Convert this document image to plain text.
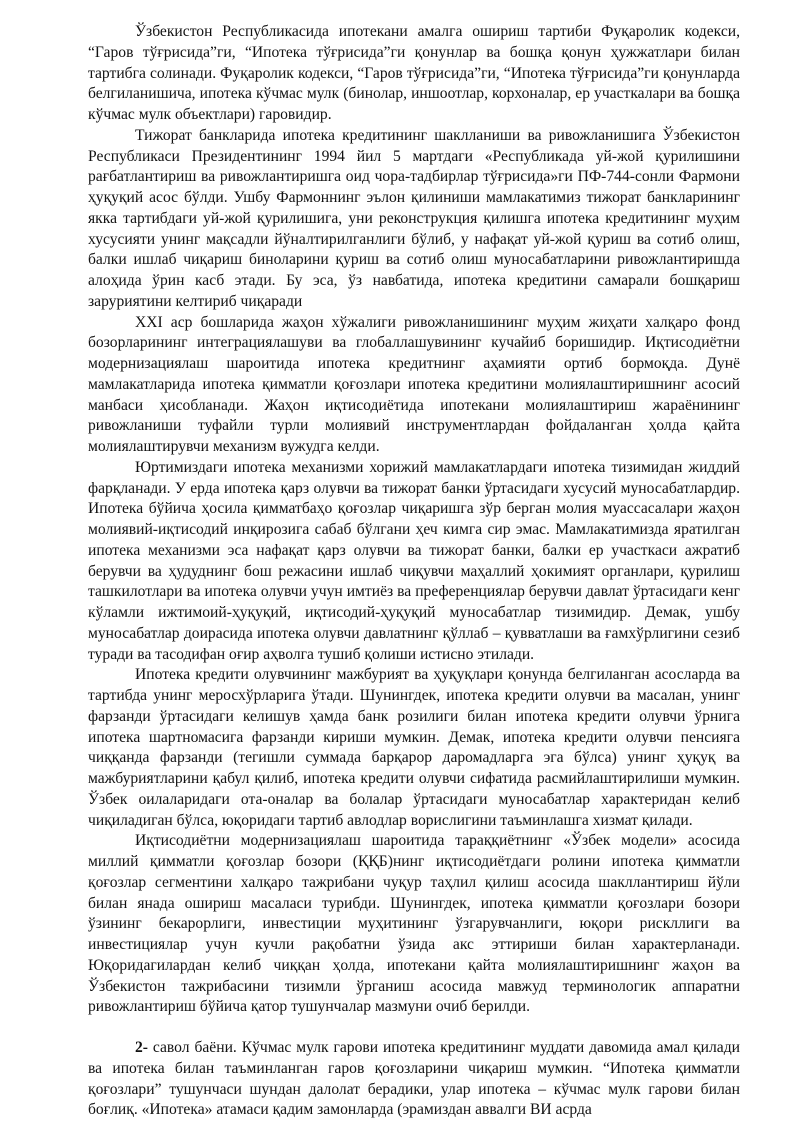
Ўзбекистон Республикасида ипотекани амалга ошириш тартиби Фуқаролик кодекси, “Гаров тўғрисида”ги, “Ипотека тўғрисида”ги қонунлар ва бошқа қонун ҳужжатлари билан тартибга солинади. Фуқаролик кодекси, “Гаров тўғрисида”ги, “Ипотека тўғрисида”ги қонунларда белгиланишича, ипотека кўчмас мулк (бинолар, иншоотлар, корхоналар, ер участкалари ва бошқа кўчмас мулк объектлари) гаровидир.

Тижорат банкларида ипотека кредитининг шаклланиши ва ривожланишига Ўзбекистон Республикаси Президентининг 1994 йил 5 мартдаги «Республикада уй-жой қурилишини рағбатлантириш ва ривожлантиришга оид чора-тадбирлар тўғрисида»ги ПФ-744-сонли Фармони ҳуқуқий асос бўлди. Ушбу Фармоннинг эълон қилиниши мамлакатимиз тижорат банкларининг якка тартибдаги уй-жой қурилишига, уни реконструкция қилишга ипотека кредитининг муҳим хусусияти унинг мақсадли йўналтирилганлиги бўлиб, у нафақат уй-жой қуриш ва сотиб олиш, балки ишлаб чиқариш биноларини қуриш ва сотиб олиш муносабатларини ривожлантиришда алоҳида ўрин касб этади. Бу эса, ўз навбатида, ипотека кредитини самарали бошқариш заруриятини келтириб чиқаради

XXI аср бошларида жаҳон хўжалиги ривожланишининг муҳим жиҳати халқаро фонд бозорларининг интеграциялашуви ва глобаллашувининг кучайиб боришидир. Иқтисодиётни модернизациялаш шароитида ипотека кредитнинг аҳамияти ортиб бормоқда. Дунё мамлакатларида ипотека қимматли қоғозлари ипотека кредитини молиялаштиришнинг асосий манбаси ҳисобланади. Жаҳон иқтисодиётида ипотекани молиялаштириш жараёнининг ривожланиши туфайли турли молиявий инструментлардан фойдаланган ҳолда қайта молиялаштирувчи механизм вужудга келди.

Юртимиздаги ипотека механизми хорижий мамлакатлардаги ипотека тизимидан жиддий фарқланади. У ерда ипотека қарз олувчи ва тижорат банки ўртасидаги хусусий муносабатлардир. Ипотека бўйича ҳосила қимматбаҳо қоғозлар чиқаришга зўр берган молия муассасалари жаҳон молиявий-иқтисодий инқирозига сабаб бўлгани ҳеч кимга сир эмас. Мамлакатимизда яратилган ипотека механизми эса нафақат қарз олувчи ва тижорат банки, балки ер участкаси ажратиб берувчи ва ҳудуднинг бош режасини ишлаб чиқувчи маҳаллий ҳокимият органлари, қурилиш ташкилотлари ва ипотека олувчи учун имтиёз ва преференциялар берувчи давлат ўртасидаги кенг кўламли ижтимоий-ҳуқуқий, иқтисодий-ҳуқуқий муносабатлар тизимидир. Демак, ушбу муносабатлар доирасида ипотека олувчи давлатнинг қўллаб – қувватлаши ва ғамхўрлигини сезиб туради ва тасодифан оғир аҳволга тушиб қолиши истисно этилади.

Ипотека кредити олувчининг мажбурият ва ҳуқуқлари қонунда белгиланган асосларда ва тартибда унинг меросхўрларига ўтади. Шунингдек, ипотека кредити олувчи ва масалан, унинг фарзанди ўртасидаги келишув ҳамда банк розилиги билан ипотека кредити олувчи ўрнига ипотека шартномасига фарзанди кириши мумкин. Демак, ипотека кредити олувчи пенсияга чиққанда фарзанди (тегишли суммада барқарор даромадларга эга бўлса) унинг ҳуқуқ ва мажбуриятларини қабул қилиб, ипотека кредити олувчи сифатида расмийлаштирилиши мумкин. Ўзбек оилаларидаги ота-оналар ва болалар ўртасидаги муносабатлар характеридан келиб чиқиладиган бўлса, юқоридаги тартиб авлодлар ворислигини таъминлашга хизмат қилади.

Иқтисодиётни модернизациялаш шароитида тараққиётнинг «Ўзбек модели» асосида миллий қимматли қоғозлар бозори (ҚҚБ)нинг иқтисодиётдаги ролини ипотека қимматли қоғозлар сегментини халқаро тажрибани чуқур таҳлил қилиш асосида шакллантириш йўли билан янада ошириш масаласи турибди. Шунингдек, ипотека қимматли қоғозлари бозори ўзининг бекарорлиги, инвестиции муҳитининг ўзгарувчанлиги, юқори рискллиги ва инвестициялар учун кучли рақобатни ўзида акс эттириши билан характерланади. Юқоридагилардан келиб чиққан ҳолда, ипотекани қайта молиялаштиришнинг жаҳон ва Ўзбекистон тажрибасини тизимли ўрганиш асосида мавжуд терминологик аппаратни ривожлантириш бўйича қатор тушунчалар мазмуни очиб берилди.

2- савол баёни. Кўчмас мулк гарови ипотека кредитининг муддати давомида амал қилади ва ипотека билан таъминланган гаров қоғозларини чиқариш мумкин. “Ипотека қимматли қоғозлари” тушунчаси шундан далолат берадики, улар ипотека – кўчмас мулк гарови билан боғлиқ. «Ипотека» атамаси қадим замонларда (эрамиздан аввалги ВИ асрда
